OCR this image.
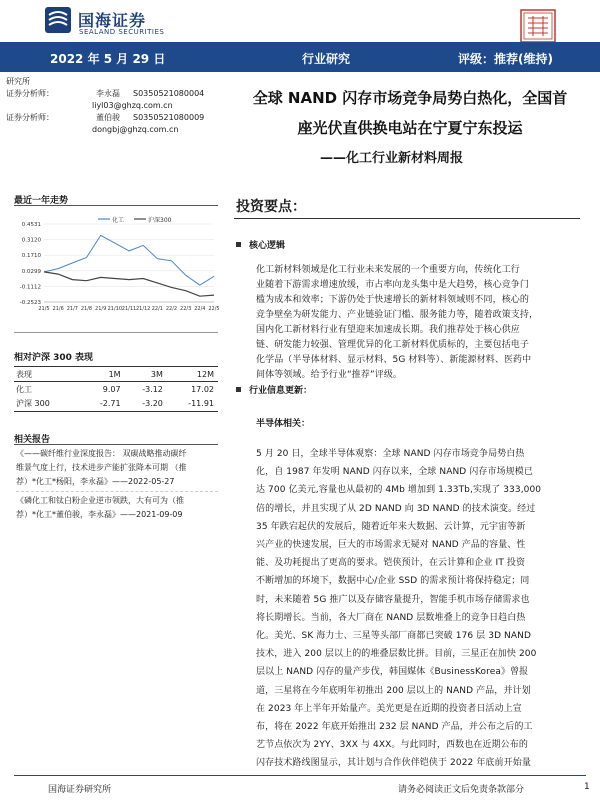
国海证券
SEALAND SECURITIES
2022 年 5 月 29 日	行业研究	评级：推荐(维持)
研究所
证券分析师：	李永磊 S0350521080004
liyl03@ghzq.com.cn
证券分析师：	董伯骏 S0350521080009
dongbj@ghzq.com.cn
全球 NAND 闪存市场竞争局势白热化，全国首
座光伏直供换电站在宁夏宁东投运
——化工行业新材料周报
最近一年走势
0.4531
0.3120
0.1710
0.0299
-0.1112
-0.2523
21/5 21/6 21/7 21/8 21/9 21/10 21/11 21/12 22/1 22/2 22/3 22/4 22/5
化工	沪深300
相对沪深 300 表现
表现	1M	3M	12M
化工	9.07	-3.12	17.02
沪深 300	-2.71	-3.20	-11.91
相关报告
《——碳纤维行业深度报告： 双碳战略推动碳纤
维景气度上行，技术进步产能扩张降本可期 （推
荐）*化工*杨阳，李永磊》——2022-05-27
《磷化工和钛白粉企业逆市领跌，大有可为（推
荐）*化工*董伯骏，李永磊》——2021-09-09
投资要点：
核心逻辑
化工新材料领域是化工行业未来发展的一个重要方向，传统化工行
业随着下游需求增速放缓，市占率向龙头集中是大趋势，核心竞争门
槛为成本和效率；下游仍处于快速增长的新材料领域则不同，核心的
竞争壁垒为研发能力、产业链验证门槛、服务能力等，随着政策支持，
国内化工新材料行业有望迎来加速成长期。我们推荐处于核心供应
链、研发能力较强、管理优异的化工新材料优质标的，主要包括电子
化学品（半导体材料、显示材料、5G 材料等）、新能源材料、医药中
间体等领域。给予行业“推荐”评级。
行业信息更新：
半导体相关：
5 月 20 日，全球半导体观察：全球 NAND 闪存市场竞争局势白热
化，自 1987 年发明 NAND 闪存以来，全球 NAND 闪存市场规模已
达 700 亿美元,容量也从最初的 4Mb 增加到 1.33Tb,实现了 333,000
倍的增长，并且实现了从 2D NAND 向 3D NAND 的技术演变。经过
35 年跌宕起伏的发展后，随着近年来大数据、云计算，元宇宙等新
兴产业的快速发展，巨大的市场需求无疑对 NAND 产品的容量、性
能、及功耗提出了更高的要求。铠侠预计，在云计算和企业 IT 投资
不断增加的环境下，数据中心/企业 SSD 的需求预计将保持稳定；同
时，未来随着 5G 推广以及存储容量提升，智能手机市场存储需求也
将长期增长。当前，各大厂商在 NAND 层数堆叠上的竞争日趋白热
化。美光、SK 海力士、三星等头部厂商都已突破 176 层 3D NAND
技术，进入 200 层以上的的堆叠层数比拼。目前，三星正在加快 200
层以上 NAND 闪存的量产步伐，韩国媒体《BusinessKorea》曾报
道，三星将在今年底明年初推出 200 层以上的 NAND 产品，并计划
在 2023 年上半年开始量产。美光更是在近期的投资者日活动上宣
布，将在 2022 年底开始推出 232 层 NAND 产品，并公布之后的工
艺节点依次为 2YY、3XX 与 4XX。与此同时，西数也在近期公布的
闪存技术路线图显示，其计划与合作伙伴铠侠于 2022 年底前开始量
国海证券研究所	请务必阅读正文后免责条款部分	1
